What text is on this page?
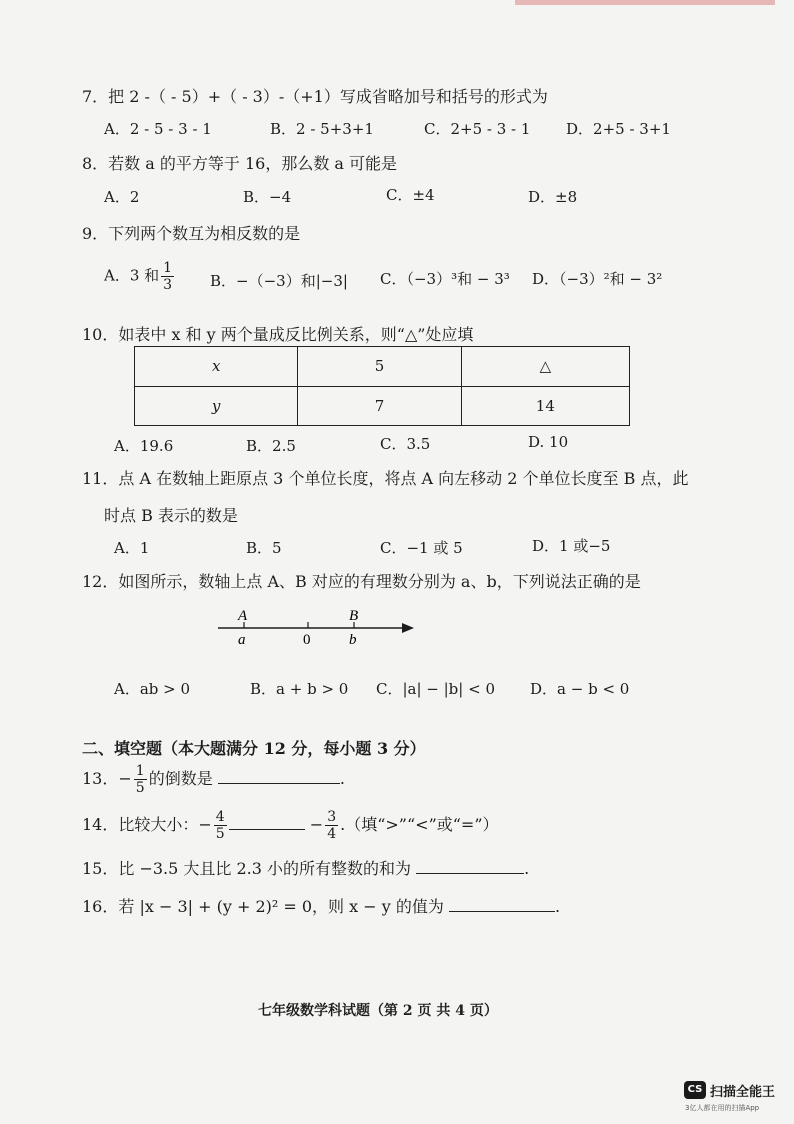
7．把 2 -（ - 5）+（ - 3）-（+1）写成省略加号和括号的形式为
A．2 - 5 - 3 - 1	B．2 - 5+3+1	C．2+5 - 3 - 1 D．2+5 - 3+1
8．若数 a 的平方等于 16，那么数 a 可能是
A．2	B．−4	C．±4	D．±8
9．下列两个数互为相反数的是
A．3 和 $\frac{1}{3}$ B．−（−3）和|−3| C．（−3）³和 − 3³ D．（−3）²和 − 3²
10．如表中 x 和 y 两个量成反比例关系，则“△”处应填
x	5	△
y	7	14
A．19.6	B．2.5	C．3.5	D. 10
11．点 A 在数轴上距原点 3 个单位长度，将点 A 向左移动 2 个单位长度至 B 点，此
时点 B 表示的数是
A．1	B．5	C．−1 或 5	D．1 或−5
12．如图所示，数轴上点 A、B 对应的有理数分别为 a、b，下列说法正确的是
A
a	0
B
b
A．ab > 0	B．a + b > 0 C．|a| − |b| < 0 D．a − b < 0
二、填空题（本大题满分 12 分，每小题 3 分）
13．− $\frac{1}{5}$ 的倒数是	.
14．比较大小：− $\frac{4}{5}$	− $\frac{3}{4}$ .（填“>”“<”或“=”）
15．比 −3.5 大且比 2.3 小的所有整数的和为	.
16．若 |x − 3| + (y + 2)² = 0，则 x − y 的值为	.
七年级数学科试题（第 2 页 共 4 页）
CS 扫描全能王
3亿人都在用的扫描App
